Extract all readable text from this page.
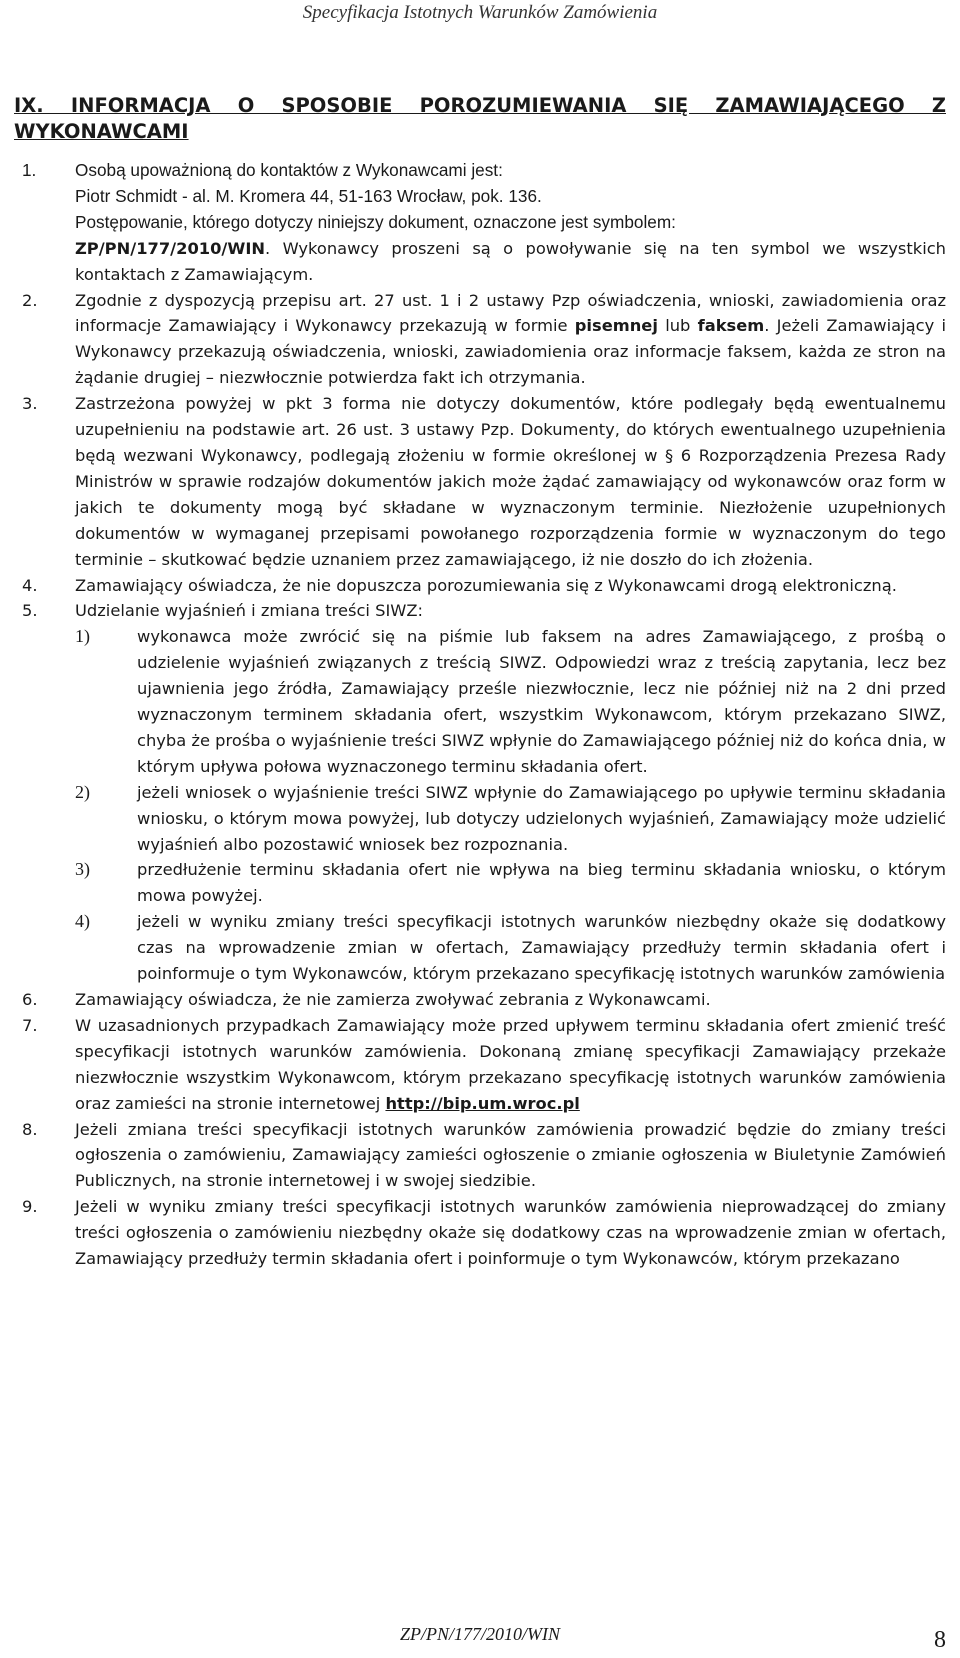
Specyfikacja Istotnych Warunków Zamówienia
IX. INFORMACJA O SPOSOBIE POROZUMIEWANIA SIĘ ZAMAWIAJĄCEGO Z WYKONAWCAMI
1. Osobą upoważnioną do kontaktów z Wykonawcami jest:
Piotr Schmidt - al. M. Kromera 44, 51-163 Wrocław, pok. 136.
Postępowanie, którego dotyczy niniejszy dokument, oznaczone jest symbolem:
ZP/PN/177/2010/WIN. Wykonawcy proszeni są o powoływanie się na ten symbol we wszystkich kontaktach z Zamawiającym.
2. Zgodnie z dyspozycją przepisu art. 27 ust. 1 i 2 ustawy Pzp oświadczenia, wnioski, zawiadomienia oraz informacje Zamawiający i Wykonawcy przekazują w formie pisemnej lub faksem. Jeżeli Zamawiający i Wykonawcy przekazują oświadczenia, wnioski, zawiadomienia oraz informacje faksem, każda ze stron na żądanie drugiej – niezwłocznie potwierdza fakt ich otrzymania.
3. Zastrzeżona powyżej w pkt 3 forma nie dotyczy dokumentów, które podlegały będą ewentualnemu uzupełnieniu na podstawie art. 26 ust. 3 ustawy Pzp. Dokumenty, do których ewentualnego uzupełnienia będą wezwani Wykonawcy, podlegają złożeniu w formie określonej w § 6 Rozporządzenia Prezesa Rady Ministrów w sprawie rodzajów dokumentów jakich może żądać zamawiający od wykonawców oraz form w jakich te dokumenty mogą być składane w wyznaczonym terminie. Niezłożenie uzupełnionych dokumentów w wymaganej przepisami powołanego rozporządzenia formie w wyznaczonym do tego terminie – skutkować będzie uznaniem przez zamawiającego, iż nie doszło do ich złożenia.
4. Zamawiający oświadcza, że nie dopuszcza porozumiewania się z Wykonawcami drogą elektroniczną.
5. Udzielanie wyjaśnień i zmiana treści SIWZ:
1)	wykonawca może zwrócić się na piśmie lub faksem na adres Zamawiającego, z prośbą o udzielenie wyjaśnień związanych z treścią SIWZ. Odpowiedzi wraz z treścią zapytania, lecz bez ujawnienia jego źródła, Zamawiający prześle niezwłocznie, lecz nie później niż na 2 dni przed wyznaczonym terminem składania ofert, wszystkim Wykonawcom, którym przekazano SIWZ, chyba że prośba o wyjaśnienie treści SIWZ wpłynie do Zamawiającego później niż do końca dnia, w którym upływa połowa wyznaczonego terminu składania ofert.
2)	jeżeli wniosek o wyjaśnienie treści SIWZ wpłynie do Zamawiającego po upływie terminu składania wniosku, o którym mowa powyżej, lub dotyczy udzielonych wyjaśnień, Zamawiający może udzielić wyjaśnień albo pozostawić wniosek bez rozpoznania.
3)	przedłużenie terminu składania ofert nie wpływa na bieg terminu składania wniosku, o którym mowa powyżej.
4)	jeżeli w wyniku zmiany treści specyfikacji istotnych warunków niezbędny okaże się dodatkowy czas na wprowadzenie zmian w ofertach, Zamawiający przedłuży termin składania ofert i poinformuje o tym Wykonawców, którym przekazano specyfikację istotnych warunków zamówienia
6. Zamawiający oświadcza, że nie zamierza zwoływać zebrania z Wykonawcami.
7. W uzasadnionych przypadkach Zamawiający może przed upływem terminu składania ofert zmienić treść specyfikacji istotnych warunków zamówienia. Dokonaną zmianę specyfikacji Zamawiający przekaże niezwłocznie wszystkim Wykonawcom, którym przekazano specyfikację istotnych warunków zamówienia oraz zamieści na stronie internetowej http://bip.um.wroc.pl
8. Jeżeli zmiana treści specyfikacji istotnych warunków zamówienia prowadzić będzie do zmiany treści ogłoszenia o zamówieniu, Zamawiający zamieści ogłoszenie o zmianie ogłoszenia w Biuletynie Zamówień Publicznych, na stronie internetowej i w swojej siedzibie.
9. Jeżeli w wyniku zmiany treści specyfikacji istotnych warunków zamówienia nieprowadzącej do zmiany treści ogłoszenia o zamówieniu niezbędny okaże się dodatkowy czas na wprowadzenie zmian w ofertach, Zamawiający przedłuży termin składania ofert i poinformuje o tym Wykonawców, którym przekazano
ZP/PN/177/2010/WIN	8
